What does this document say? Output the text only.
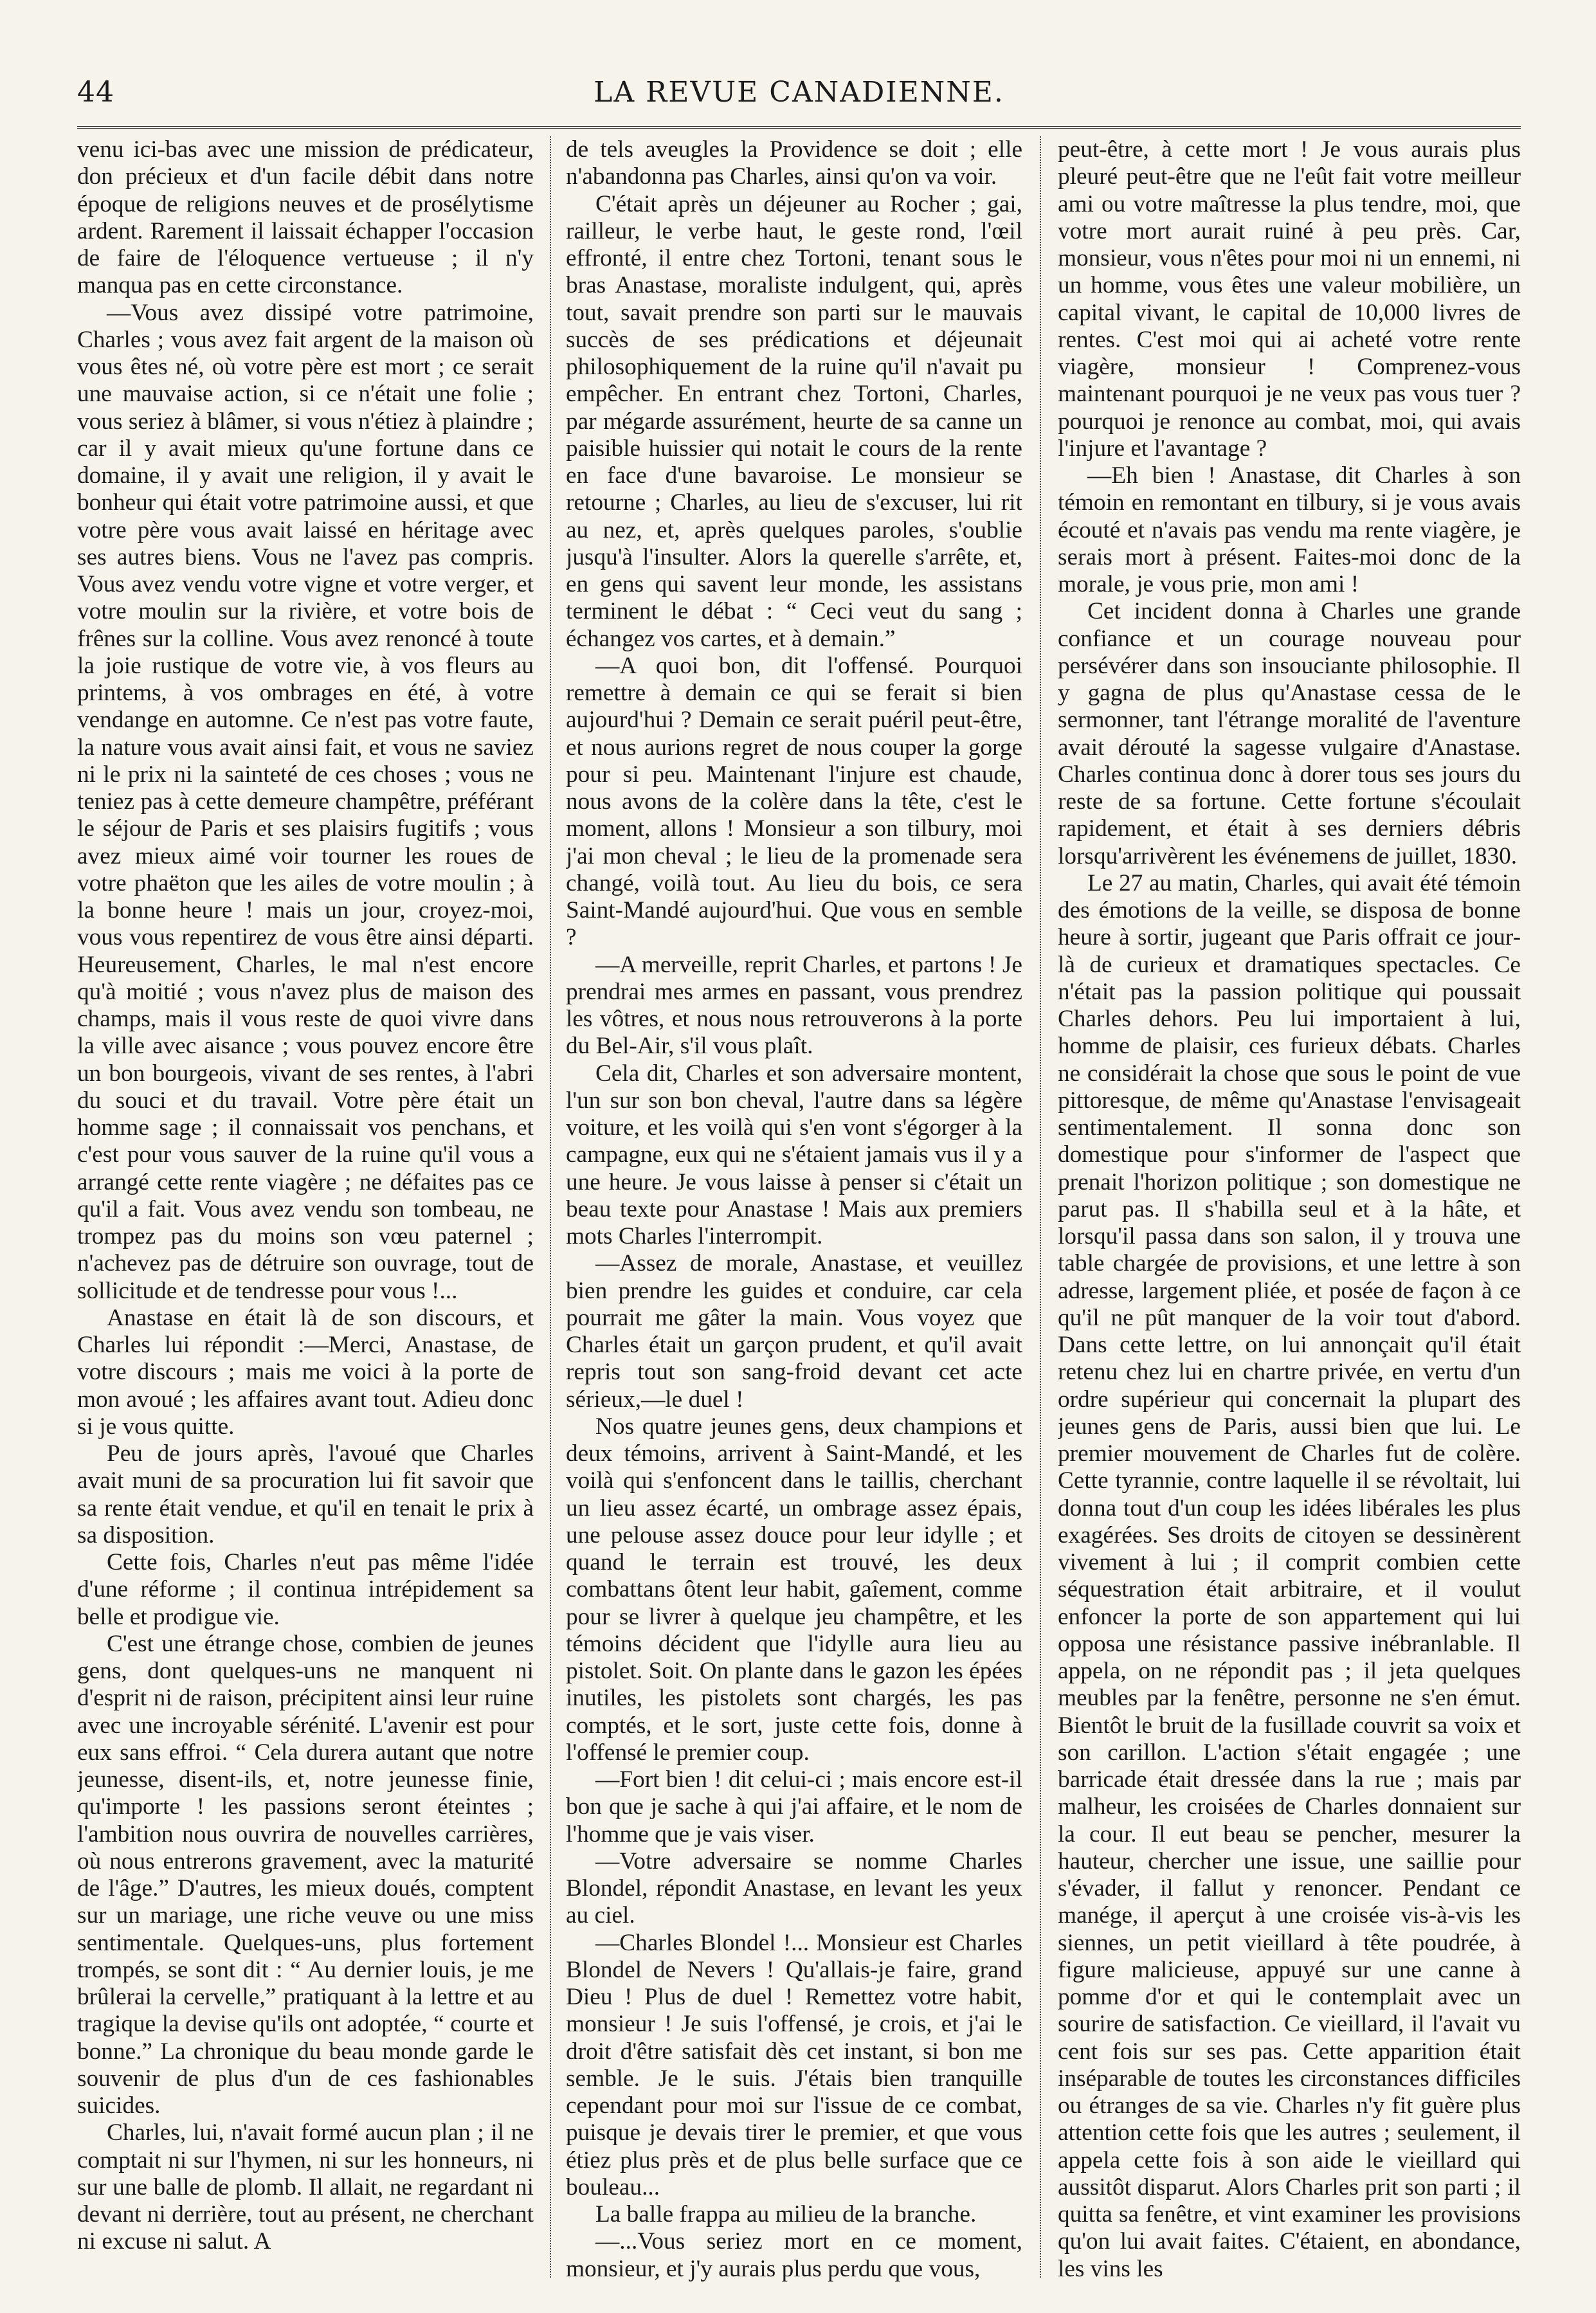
44	LA REVUE CANADIENNE.

venu ici-bas avec une mission de prédicateur, don précieux et d'un facile débit dans notre époque de religions neuves et de prosélytisme ardent. Rarement il laissait échapper l'occasion de faire de l'éloquence vertueuse ; il n'y manqua pas en cette circonstance.

—Vous avez dissipé votre patrimoine, Charles ; vous avez fait argent de la maison où vous êtes né, où votre père est mort ; ce serait une mauvaise action, si ce n'était une folie ; vous seriez à blâmer, si vous n'étiez à plaindre ; car il y avait mieux qu'une fortune dans ce domaine, il y avait une religion, il y avait le bonheur qui était votre patrimoine aussi, et que votre père vous avait laissé en héritage avec ses autres biens. Vous ne l'avez pas compris. Vous avez vendu votre vigne et votre verger, et votre moulin sur la rivière, et votre bois de frênes sur la colline. Vous avez renoncé à toute la joie rustique de votre vie, à vos fleurs au printems, à vos ombrages en été, à votre vendange en automne. Ce n'est pas votre faute, la nature vous avait ainsi fait, et vous ne saviez ni le prix ni la sainteté de ces choses ; vous ne teniez pas à cette demeure champêtre, préférant le séjour de Paris et ses plaisirs fugitifs ; vous avez mieux aimé voir tourner les roues de votre phaëton que les ailes de votre moulin ; à la bonne heure ! mais un jour, croyez-moi, vous vous repentirez de vous être ainsi départi. Heureusement, Charles, le mal n'est encore qu'à moitié ; vous n'avez plus de maison des champs, mais il vous reste de quoi vivre dans la ville avec aisance ; vous pouvez encore être un bon bourgeois, vivant de ses rentes, à l'abri du souci et du travail. Votre père était un homme sage ; il connaissait vos penchans, et c'est pour vous sauver de la ruine qu'il vous a arrangé cette rente viagère ; ne défaites pas ce qu'il a fait. Vous avez vendu son tombeau, ne trompez pas du moins son vœu paternel ; n'achevez pas de détruire son ouvrage, tout de sollicitude et de tendresse pour vous !...

Anastase en était là de son discours, et Charles lui répondit :—Merci, Anastase, de votre discours ; mais me voici à la porte de mon avoué ; les affaires avant tout. Adieu donc si je vous quitte.

Peu de jours après, l'avoué que Charles avait muni de sa procuration lui fit savoir que sa rente était vendue, et qu'il en tenait le prix à sa disposition.

Cette fois, Charles n'eut pas même l'idée d'une réforme ; il continua intrépidement sa belle et prodigue vie.

C'est une étrange chose, combien de jeunes gens, dont quelques-uns ne manquent ni d'esprit ni de raison, précipitent ainsi leur ruine avec une incroyable sérénité. L'avenir est pour eux sans effroi. “ Cela durera autant que notre jeunesse, disent-ils, et, notre jeunesse finie, qu'importe ! les passions seront éteintes ; l'ambition nous ouvrira de nouvelles carrières, où nous entrerons gravement, avec la maturité de l'âge.” D'autres, les mieux doués, comptent sur un mariage, une riche veuve ou une miss sentimentale. Quelques-uns, plus fortement trompés, se sont dit : “ Au dernier louis, je me brûlerai la cervelle,” pratiquant à la lettre et au tragique la devise qu'ils ont adoptée, “ courte et bonne.” La chronique du beau monde garde le souvenir de plus d'un de ces fashionables suicides.

Charles, lui, n'avait formé aucun plan ; il ne comptait ni sur l'hymen, ni sur les honneurs, ni sur une balle de plomb. Il allait, ne regardant ni devant ni derrière, tout au présent, ne cherchant ni excuse ni salut. A

de tels aveugles la Providence se doit ; elle n'abandonna pas Charles, ainsi qu'on va voir.

C'était après un déjeuner au Rocher ; gai, railleur, le verbe haut, le geste rond, l'œil effronté, il entre chez Tortoni, tenant sous le bras Anastase, moraliste indulgent, qui, après tout, savait prendre son parti sur le mauvais succès de ses prédications et déjeunait philosophiquement de la ruine qu'il n'avait pu empêcher. En entrant chez Tortoni, Charles, par mégarde assurément, heurte de sa canne un paisible huissier qui notait le cours de la rente en face d'une bavaroise. Le monsieur se retourne ; Charles, au lieu de s'excuser, lui rit au nez, et, après quelques paroles, s'oublie jusqu'à l'insulter. Alors la querelle s'arrête, et, en gens qui savent leur monde, les assistans terminent le débat : “ Ceci veut du sang ; échangez vos cartes, et à demain.”

—A quoi bon, dit l'offensé. Pourquoi remettre à demain ce qui se ferait si bien aujourd'hui ? Demain ce serait puéril peut-être, et nous aurions regret de nous couper la gorge pour si peu. Maintenant l'injure est chaude, nous avons de la colère dans la tête, c'est le moment, allons ! Monsieur a son tilbury, moi j'ai mon cheval ; le lieu de la promenade sera changé, voilà tout. Au lieu du bois, ce sera Saint-Mandé aujourd'hui. Que vous en semble ?

—A merveille, reprit Charles, et partons ! Je prendrai mes armes en passant, vous prendrez les vôtres, et nous nous retrouverons à la porte du Bel-Air, s'il vous plaît.

Cela dit, Charles et son adversaire montent, l'un sur son bon cheval, l'autre dans sa légère voiture, et les voilà qui s'en vont s'égorger à la campagne, eux qui ne s'étaient jamais vus il y a une heure. Je vous laisse à penser si c'était un beau texte pour Anastase ! Mais aux premiers mots Charles l'interrompit.

—Assez de morale, Anastase, et veuillez bien prendre les guides et conduire, car cela pourrait me gâter la main. Vous voyez que Charles était un garçon prudent, et qu'il avait repris tout son sang-froid devant cet acte sérieux,—le duel !

Nos quatre jeunes gens, deux champions et deux témoins, arrivent à Saint-Mandé, et les voilà qui s'enfoncent dans le taillis, cherchant un lieu assez écarté, un ombrage assez épais, une pelouse assez douce pour leur idylle ; et quand le terrain est trouvé, les deux combattans ôtent leur habit, gaîement, comme pour se livrer à quelque jeu champêtre, et les témoins décident que l'idylle aura lieu au pistolet. Soit. On plante dans le gazon les épées inutiles, les pistolets sont chargés, les pas comptés, et le sort, juste cette fois, donne à l'offensé le premier coup.

—Fort bien ! dit celui-ci ; mais encore est-il bon que je sache à qui j'ai affaire, et le nom de l'homme que je vais viser.

—Votre adversaire se nomme Charles Blondel, répondit Anastase, en levant les yeux au ciel.

—Charles Blondel !... Monsieur est Charles Blondel de Nevers ! Qu'allais-je faire, grand Dieu ! Plus de duel ! Remettez votre habit, monsieur ! Je suis l'offensé, je crois, et j'ai le droit d'être satisfait dès cet instant, si bon me semble. Je le suis. J'étais bien tranquille cependant pour moi sur l'issue de ce combat, puisque je devais tirer le premier, et que vous étiez plus près et de plus belle surface que ce bouleau...

La balle frappa au milieu de la branche.

—...Vous seriez mort en ce moment, monsieur, et j'y aurais plus perdu que vous,

peut-être, à cette mort ! Je vous aurais plus pleuré peut-être que ne l'eût fait votre meilleur ami ou votre maîtresse la plus tendre, moi, que votre mort aurait ruiné à peu près. Car, monsieur, vous n'êtes pour moi ni un ennemi, ni un homme, vous êtes une valeur mobilière, un capital vivant, le capital de 10,000 livres de rentes. C'est moi qui ai acheté votre rente viagère, monsieur ! Comprenez-vous maintenant pourquoi je ne veux pas vous tuer ? pourquoi je renonce au combat, moi, qui avais l'injure et l'avantage ?

—Eh bien ! Anastase, dit Charles à son témoin en remontant en tilbury, si je vous avais écouté et n'avais pas vendu ma rente viagère, je serais mort à présent. Faites-moi donc de la morale, je vous prie, mon ami !

Cet incident donna à Charles une grande confiance et un courage nouveau pour persévérer dans son insouciante philosophie. Il y gagna de plus qu'Anastase cessa de le sermonner, tant l'étrange moralité de l'aventure avait dérouté la sagesse vulgaire d'Anastase. Charles continua donc à dorer tous ses jours du reste de sa fortune. Cette fortune s'écoulait rapidement, et était à ses derniers débris lorsqu'arrivèrent les événemens de juillet, 1830.

Le 27 au matin, Charles, qui avait été témoin des émotions de la veille, se disposa de bonne heure à sortir, jugeant que Paris offrait ce jour-là de curieux et dramatiques spectacles. Ce n'était pas la passion politique qui poussait Charles dehors. Peu lui importaient à lui, homme de plaisir, ces furieux débats. Charles ne considérait la chose que sous le point de vue pittoresque, de même qu'Anastase l'envisageait sentimentalement. Il sonna donc son domestique pour s'informer de l'aspect que prenait l'horizon politique ; son domestique ne parut pas. Il s'habilla seul et à la hâte, et lorsqu'il passa dans son salon, il y trouva une table chargée de provisions, et une lettre à son adresse, largement pliée, et posée de façon à ce qu'il ne pût manquer de la voir tout d'abord. Dans cette lettre, on lui annonçait qu'il était retenu chez lui en chartre privée, en vertu d'un ordre supérieur qui concernait la plupart des jeunes gens de Paris, aussi bien que lui. Le premier mouvement de Charles fut de colère. Cette tyrannie, contre laquelle il se révoltait, lui donna tout d'un coup les idées libérales les plus exagérées. Ses droits de citoyen se dessinèrent vivement à lui ; il comprit combien cette séquestration était arbitraire, et il voulut enfoncer la porte de son appartement qui lui opposa une résistance passive inébranlable. Il appela, on ne répondit pas ; il jeta quelques meubles par la fenêtre, personne ne s'en émut. Bientôt le bruit de la fusillade couvrit sa voix et son carillon. L'action s'était engagée ; une barricade était dressée dans la rue ; mais par malheur, les croisées de Charles donnaient sur la cour. Il eut beau se pencher, mesurer la hauteur, chercher une issue, une saillie pour s'évader, il fallut y renoncer. Pendant ce manége, il aperçut à une croisée vis-à-vis les siennes, un petit vieillard à tête poudrée, à figure malicieuse, appuyé sur une canne à pomme d'or et qui le contemplait avec un sourire de satisfaction. Ce vieillard, il l'avait vu cent fois sur ses pas. Cette apparition était inséparable de toutes les circonstances difficiles ou étranges de sa vie. Charles n'y fit guère plus attention cette fois que les autres ; seulement, il appela cette fois à son aide le vieillard qui aussitôt disparut. Alors Charles prit son parti ; il quitta sa fenêtre, et vint examiner les provisions qu'on lui avait faites. C'étaient, en abondance, les vins les
